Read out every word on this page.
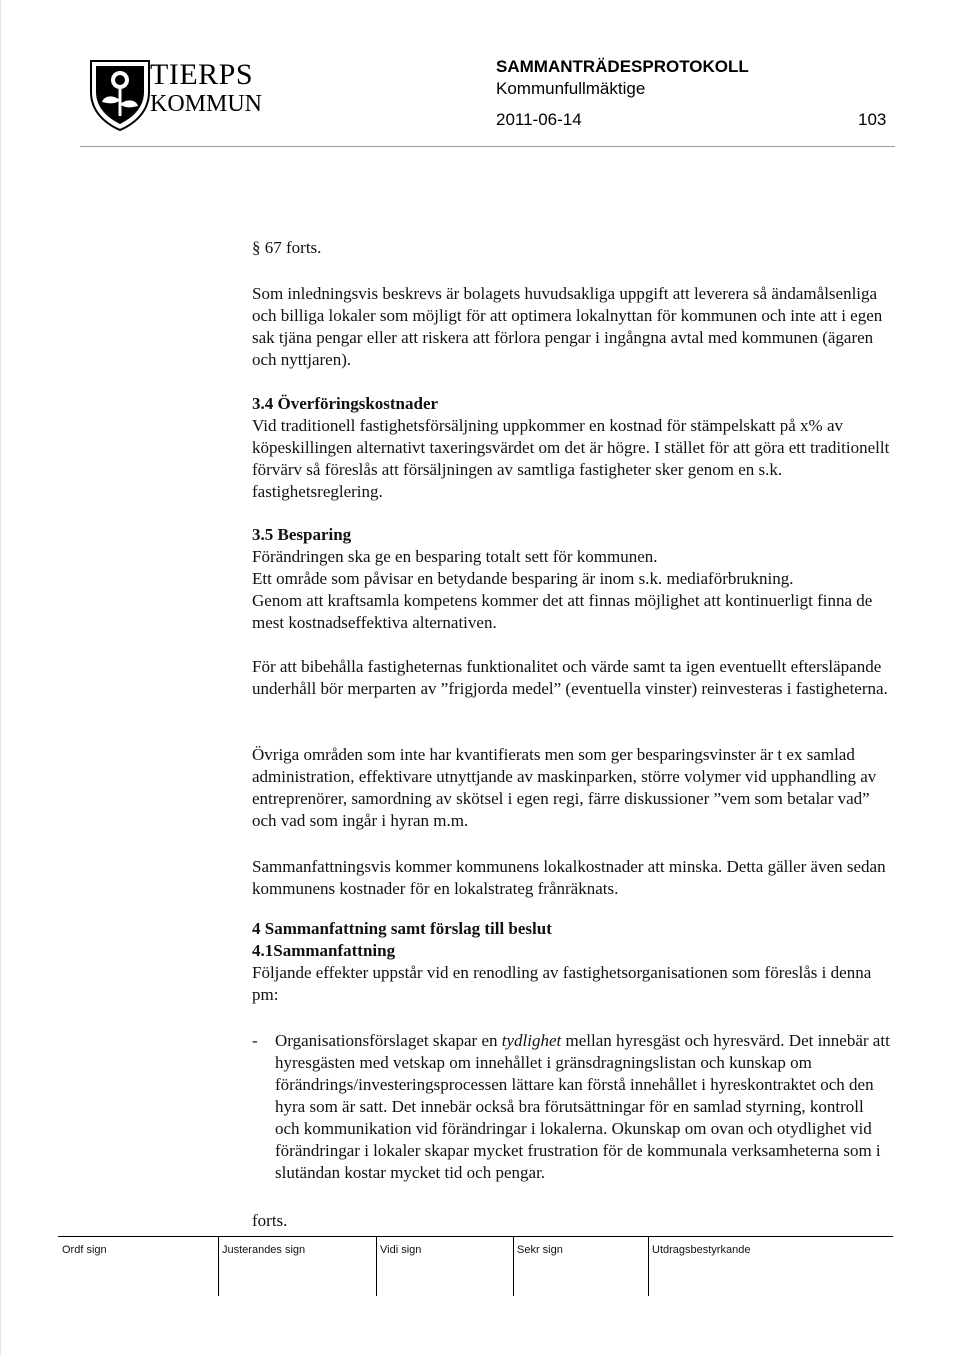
TIERPS
KOMMUN
SAMMANTRÄDESPROTOKOLL
Kommunfullmäktige
2011-06-14	103
§ 67 forts.

Som inledningsvis beskrevs är bolagets huvudsakliga uppgift att leverera så ändamålsenliga och billiga lokaler som möjligt för att optimera lokalnyttan för kommunen och inte att i egen sak tjäna pengar eller att riskera att förlora pengar i ingångna avtal med kommunen (ägaren och nyttjaren).

3.4 Överföringskostnader

Vid traditionell fastighetsförsäljning uppkommer en kostnad för stämpelskatt på x% av köpeskillingen alternativt taxeringsvärdet om det är högre. I stället för att göra ett traditionellt förvärv så föreslås att försäljningen av samtliga fastigheter sker genom en s.k. fastighetsreglering.

3.5 Besparing

Förändringen ska ge en besparing totalt sett för kommunen.

Ett område som påvisar en betydande besparing är inom s.k. mediaförbrukning.

Genom att kraftsamla kompetens kommer det att finnas möjlighet att kontinuerligt finna de mest kostnadseffektiva alternativen.

För att bibehålla fastigheternas funktionalitet och värde samt ta igen eventuellt eftersläpande underhåll bör merparten av ”frigjorda medel” (eventuella vinster) reinvesteras i fastigheterna.

Övriga områden som inte har kvantifierats men som ger besparingsvinster är t ex samlad administration, effektivare utnyttjande av maskinparken, större volymer vid upphandling av entreprenörer, samordning av skötsel i egen regi, färre diskussioner ”vem som betalar vad” och vad som ingår i hyran m.m.

Sammanfattningsvis kommer kommunens lokalkostnader att minska. Detta gäller även sedan kommunens kostnader för en lokalstrateg frånräknats.

4 Sammanfattning samt förslag till beslut

4.1Sammanfattning

Följande effekter uppstår vid en renodling av fastighetsorganisationen som föreslås i denna pm:

-	Organisationsförslaget skapar en tydlighet mellan hyresgäst och hyresvärd. Det innebär att hyresgästen med vetskap om innehållet i gränsdragningslistan och kunskap om förändrings/investeringsprocessen lättare kan förstå innehållet i hyreskontraktet och den hyra som är satt. Det innebär också bra förutsättningar för en samlad styrning, kontroll och kommunikation vid förändringar i lokalerna. Okunskap om ovan och otydlighet vid förändringar i lokaler skapar mycket frustration för de kommunala verksamheterna som i slutändan kostar mycket tid och pengar.
forts.
Ordf sign	Justerandes sign	Vidi sign	Sekr sign	Utdragsbestyrkande
